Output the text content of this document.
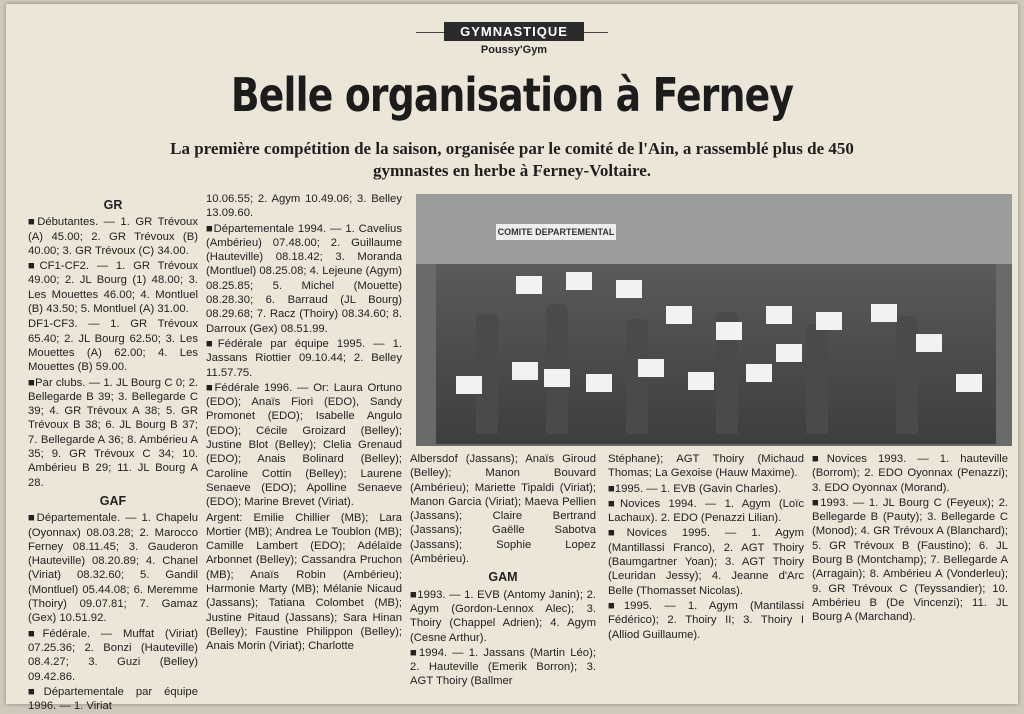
GYMNASTIQUE
Poussy'Gym
Belle organisation à Ferney
La première compétition de la saison, organisée par le comité de l'Ain, a rassemblé plus de 450 gymnastes en herbe à Ferney-Voltaire.
GR

■Débutantes. — 1. GR Trévoux (A) 45.00; 2. GR Trévoux (B) 40.00; 3. GR Trévoux (C) 34.00.

■CF1-CF2. — 1. GR Trévoux 49.00; 2. JL Bourg (1) 48.00; 3. Les Mouettes 46.00; 4. Montluel (B) 43.50; 5. Montluel (A) 31.00.

DF1-CF3. — 1. GR Trévoux 65.40; 2. JL Bourg 62.50; 3. Les Mouettes (A) 62.00; 4. Les Mouettes (B) 59.00.

■Par clubs. — 1. JL Bourg C 0; 2. Bellegarde B 39; 3. Bellegarde C 39; 4. GR Trévoux A 38; 5. GR Trévoux B 38; 6. JL Bourg B 37; 7. Bellegarde A 36; 8. Ambérieu A 35; 9. GR Trévoux C 34; 10. Ambérieu B 29; 11. JL Bourg A 28.

GAF

■Départementale. — 1. Chapelu (Oyonnax) 08.03.28; 2. Marocco Ferney 08.11.45; 3. Gauderon (Hauteville) 08.20.89; 4. Chanel (Viriat) 08.32.60; 5. Gandil (Montluel) 05.44.08; 6. Meremme (Thoiry) 09.07.81; 7. Gamaz (Gex) 10.51.92.

■Fédérale. — Muffat (Viriat) 07.25.36; 2. Bonzi (Hauteville) 08.4.27; 3. Guzi (Belley) 09.42.86.

■Départementale par équipe 1996. — 1. Viriat

10.06.55; 2. Agym 10.49.06; 3. Belley 13.09.60.

■Départementale 1994. — 1. Cavelius (Ambérieu) 07.48.00; 2. Guillaume (Hauteville) 08.18.42; 3. Moranda (Montluel) 08.25.08; 4. Lejeune (Agym) 08.25.85; 5. Michel (Mouette) 08.28.30; 6. Barraud (JL Bourg) 08.29.68; 7. Racz (Thoiry) 08.34.60; 8. Darroux (Gex) 08.51.99.

■Fédérale par équipe 1995. — 1. Jassans Riottier 09.10.44; 2. Belley 11.57.75.

■Fédérale 1996. — Or: Laura Ortuno (EDO); Anaïs Fiori (EDO), Sandy Promonet (EDO); Isabelle Angulo (EDO); Cécile Groizard (Belley); Justine Blot (Belley); Clelia Grenaud (EDO); Anais Bolinard (Belley); Caroline Cottin (Belley); Laurene Senaeve (EDO); Apolline Senaeve (EDO); Marine Brevet (Viriat).

Argent: Emilie Chillier (MB); Lara Mortier (MB); Andrea Le Toublon (MB); Camille Lambert (EDO); Adélaïde Arbonnet (Belley); Cassandra Pruchon (MB); Anaïs Robin (Ambérieu); Harmonie Marty (MB); Mélanie Nicaud (Jassans); Tatiana Colombet (MB); Justine Pitaud (Jassans); Sara Hinan (Belley); Faustine Philippon (Belley); Anais Morin (Viriat); Charlotte

COMITE DEPARTEMENTAL

Albersdof (Jassans); Anaïs Giroud (Belley); Manon Bouvard (Ambérieu); Mariette Tipaldi (Viriat); Manon Garcia (Viriat); Maeva Pellien (Jassans); Claire Bertrand (Jassans); Gaëlle Sabotva (Jassans); Sophie Lopez (Ambérieu).

GAM

■1993. — 1. EVB (Antomy Janin); 2. Agym (Gordon-Lennox Alec); 3. Thoiry (Chappel Adrien); 4. Agym (Cesne Arthur).

■1994. — 1. Jassans (Martin Léo); 2. Hauteville (Emerik Borron); 3. AGT Thoiry (Ballmer

Stéphane); AGT Thoiry (Michaud Thomas; La Gexoise (Hauw Maxime).

■1995. — 1. EVB (Gavin Charles).

■Novices 1994. — 1. Agym (Loïc Lachaux). 2. EDO (Penazzi Lilian).

■Novices 1995. — 1. Agym (Mantillassi Franco), 2. AGT Thoiry (Baumgartner Yoan); 3. AGT Thoiry (Leuridan Jessy); 4. Jeanne d'Arc Belle (Thomasset Nicolas).

■1995. — 1. Agym (Mantilassi Fédérico); 2. Thoiry II; 3. Thoiry I (Alliod Guillaume).

■Novices 1993. — 1. hauteville (Borrom); 2. EDO Oyonnax (Penazzi); 3. EDO Oyonnax (Morand).

■1993. — 1. JL Bourg C (Feyeux); 2. Bellegarde B (Pauty); 3. Bellegarde C (Monod); 4. GR Trévoux A (Blanchard); 5. GR Trévoux B (Faustino); 6. JL Bourg B (Montchamp); 7. Bellegarde A (Arragain); 8. Ambérieu A (Vonderleu); 9. GR Trévoux C (Teyssandier); 10. Ambérieu B (De Vincenzi); 11. JL Bourg A (Marchand).
